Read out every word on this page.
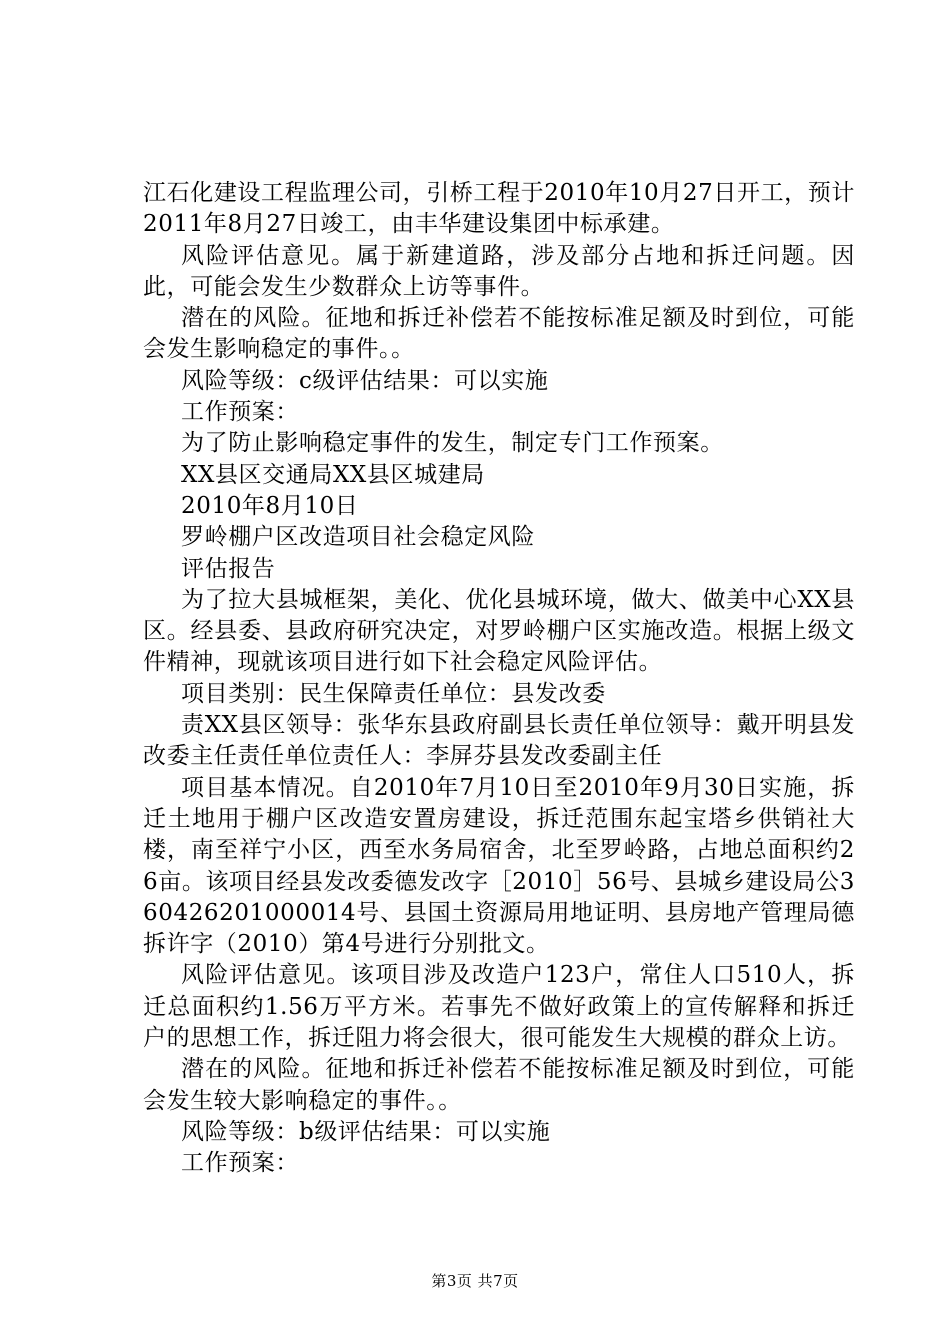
江石化建设工程监理公司，引桥工程于2010年10月27日开工，预计2011年8月27日竣工，由丰华建设集团中标承建。

风险评估意见。属于新建道路，涉及部分占地和拆迁问题。因此，可能会发生少数群众上访等事件。

潜在的风险。征地和拆迁补偿若不能按标准足额及时到位，可能会发生影响稳定的事件。。

风险等级：c级评估结果：可以实施

工作预案：

为了防止影响稳定事件的发生，制定专门工作预案。

XX县区交通局XX县区城建局

2010年8月10日

罗岭棚户区改造项目社会稳定风险

评估报告

为了拉大县城框架，美化、优化县城环境，做大、做美中心XX县区。经县委、县政府研究决定，对罗岭棚户区实施改造。根据上级文件精神，现就该项目进行如下社会稳定风险评估。

项目类别：民生保障责任单位：县发改委

责XX县区领导：张华东县政府副县长责任单位领导：戴开明县发改委主任责任单位责任人：李屏芬县发改委副主任

项目基本情况。自2010年7月10日至2010年9月30日实施，拆迁土地用于棚户区改造安置房建设，拆迁范围东起宝塔乡供销社大楼，南至祥宁小区，西至水务局宿舍，北至罗岭路，占地总面积约26亩。该项目经县发改委德发改字［2010］56号、县城乡建设局公360426201000014号、县国土资源局用地证明、县房地产管理局德拆许字（2010）第4号进行分别批文。

风险评估意见。该项目涉及改造户123户，常住人口510人，拆迁总面积约1.56万平方米。若事先不做好政策上的宣传解释和拆迁户的思想工作，拆迁阻力将会很大，很可能发生大规模的群众上访。

潜在的风险。征地和拆迁补偿若不能按标准足额及时到位，可能会发生较大影响稳定的事件。。

风险等级：b级评估结果：可以实施

工作预案：

第3页 共7页
